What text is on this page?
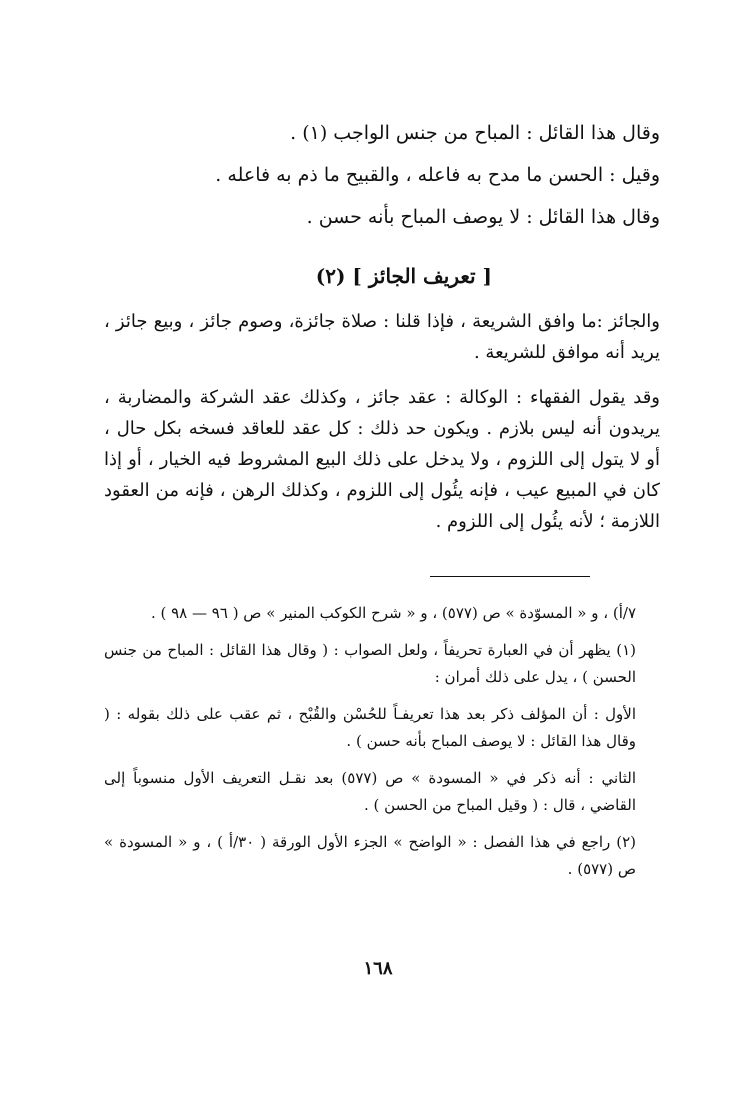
وقال هذا القائل : المباح من جنس الواجب (١) .
وقيل : الحسن ما مدح به فاعله ، والقبيح ما ذم به فاعله .
وقال هذا القائل : لا يوصف المباح بأنه حسن .
[ تعريف الجائز ] (٢)

والجائز :ما وافق الشريعة ، فإذا قلنا : صلاة جائزة، وصوم جائز ، وبيع جائز ، يريد أنه موافق للشريعة .

وقد يقول الفقهاء : الوكالة : عقد جائز ، وكذلك عقد الشركة والمضاربة ، يريدون أنه ليس بلازم . ويكون حد ذلك : كل عقد للعاقد فسخه بكل حال ، أو لا يتول إلى اللزوم ، ولا يدخل على ذلك البيع المشروط فيه الخيار ، أو إذا كان في المبيع عيب ، فإنه يئُول إلى اللزوم ، وكذلك الرهن ، فإنه من العقود اللازمة ؛ لأنه يئُول إلى اللزوم .

٧/أ) ، و « المسوّدة » ص (٥٧٧) ، و « شرح الكوكب المنير » ص ( ٩٦ — ٩٨ ) .

(١) يظهر أن في العبارة تحريفاً ، ولعل الصواب : ( وقال هذا القائل : المباح من جنس الحسن ) ، يدل على ذلك أمران :

الأول : أن المؤلف ذكر بعد هذا تعريفـاً للحُسْن والقُبْح ، ثم عقب على ذلك بقوله : ( وقال هذا القائل : لا يوصف المباح بأنه حسن ) .

الثاني : أنه ذكر في « المسودة » ص (٥٧٧) بعد نقـل التعريف الأول منسوباً إلى القاضي ، قال : ( وقيل المباح من الحسن ) .

(٢) راجع في هذا الفصل : « الواضح » الجزء الأول الورقة ( ٣٠/أ ) ، و « المسودة » ص (٥٧٧) .

١٦٨
